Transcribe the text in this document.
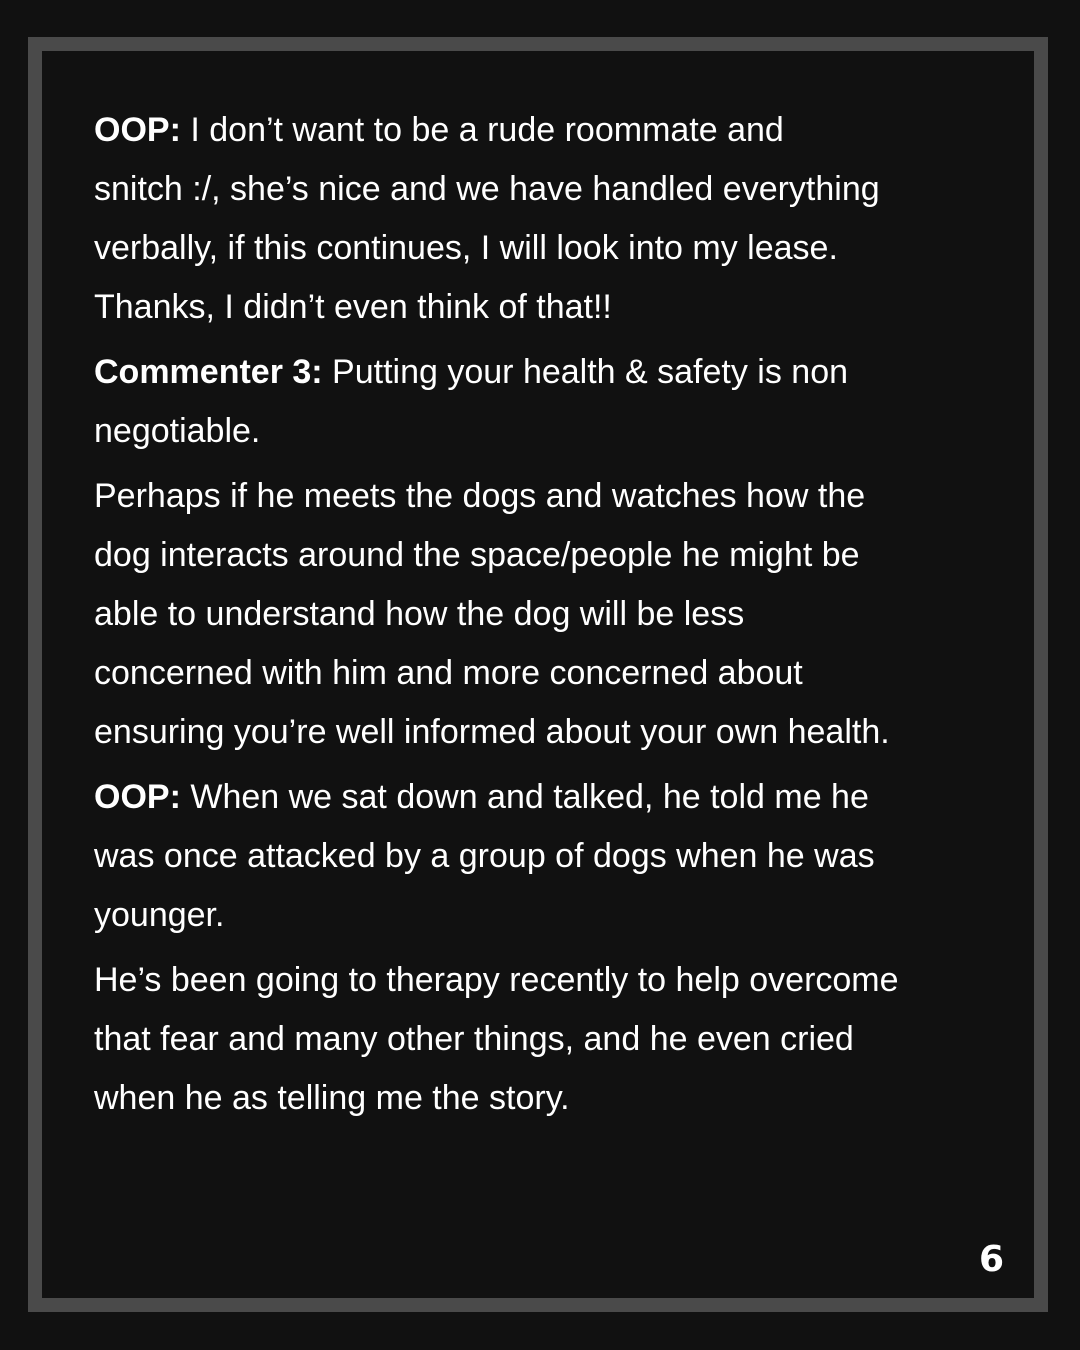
OOP: I don’t want to be a rude roommate and
snitch :/, she’s nice and we have handled everything
verbally, if this continues, I will look into my lease.
Thanks, I didn’t even think of that!!

Commenter 3: Putting your health & safety is non
negotiable.

Perhaps if he meets the dogs and watches how the
dog interacts around the space/people he might be
able to understand how the dog will be less
concerned with him and more concerned about
ensuring you’re well informed about your own health.

OOP: When we sat down and talked, he told me he
was once attacked by a group of dogs when he was
younger.

He’s been going to therapy recently to help overcome
that fear and many other things, and he even cried
when he as telling me the story.

6
